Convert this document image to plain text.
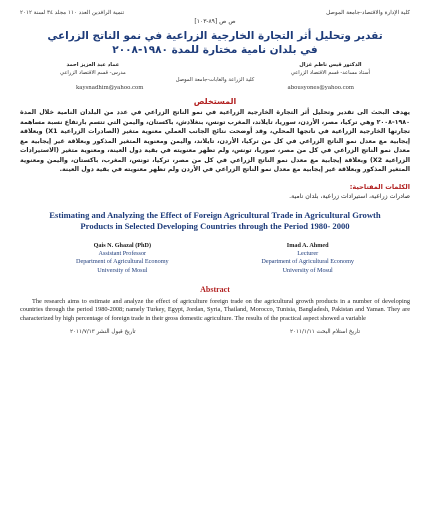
كلية الإدارة والاقتصاد-جامعة الموصل
تنمية الرافدين العدد ١١٠ مجلد ٣٤ لسنة ٢٠١٢
ص ص [٨٩-١٠٣]
تقدير وتحليل أثر التجارة الخارجية الزراعية في نمو الناتج الزراعي في بلدان نامية مختارة للمدة ١٩٨٠-٢٠٠٨
الدكتور قيس ناظم غزال
أستاذ مساعد- قسم الاقتصاد الزراعي
عماد عبد العزيز احمد
مدرس- قسم الاقتصاد الزراعي
كلية الزراعة والغابات-جامعة الموصل
kaysnadhim@yahoo.com	abousyones@yahoo.com
المستخلص
يهدف البحث الى تقدير وتحليل أثر التجارة الخارجية الزراعية في نمو الناتج الزراعي في عدد من البلدان النامية خلال المدة ١٩٨٠-٢٠٠٨ وهي تركيا، مصر، الأردن، سوريا، تايلاند، المغرب تونس، بنغلادش، باكستان، واليمن التي تتسم بارتفاع نسبة مساهمة تجارتها الخارجية الزراعية في ناتجها المحلي، وقد أوضحت نتائج الجانب العملي معنوية متغير (الصادرات الزراعية X1) وبعلاقة إيجابية مع معدل نمو الناتج الزراعي في كل من تركيا، الأردن، تايلاند، واليمن ومعنوية المتغير المذكور وبعلاقة غير إيجابية مع معدل نمو الناتج الزراعي في كل من مصر، سوريا، تونس، ولم تظهر معنويته في بقية دول العينة، ومعنوية متغير (الاستيرادات الزراعية X2) وبعلاقة إيجابية مع معدل نمو الناتج الزراعي في كل من مصر، تركيا، تونس، المغرب، باكستان، واليمن ومعنوية المتغير المذكور وبعلاقة غير إيجابية مع معدل نمو الناتج الزراعي في الأردن ولم تظهر معنويته في بقية دول العينة.
الكلمات المفتاحية:
صادرات زراعية، استيرادات زراعية، بلدان نامية.
Estimating and Analyzing the Effect of Foreign Agricultural Trade in Agricultural Growth Products in Selected Developing Countries through the Period 1980- 2000
Qais N. Ghazal (PhD)
Assistant Professor
Department of Agricultural Economy
University of Mosul
Imad A. Ahmed
Lecturer
Department of Agricultural Economy
University of Mosul
Abstract
The research aims to estimate and analyze the effect of agriculture foreign trade on the agricultural growth products in a number of developing countries through the period 1980-2008; namely Turkey, Egypt, Jordan, Syria, Thailand, Morocco, Tunisia, Bangladesh, Pakistan and Yaman. They are characterized by high percentage of foreign trade in their gross domestic agriculture. The results of the practical aspect showed a variable
تاريخ استلام البحث ٢٠١١/١/١١
تاريخ قبول النشر ٢٠١١/٧/١٣
